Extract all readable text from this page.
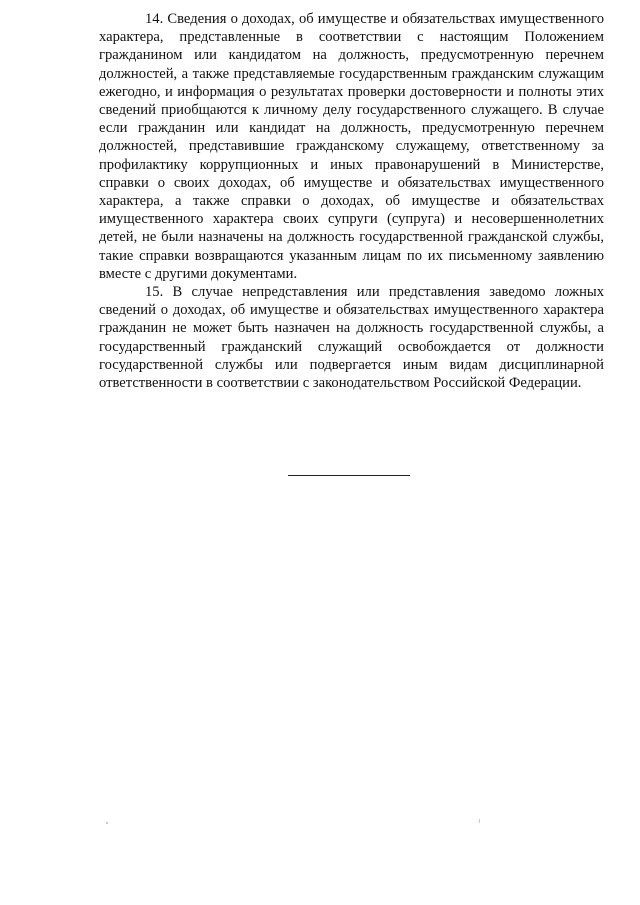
14. Сведения о доходах, об имуществе и обязательствах имущественного характера, представленные в соответствии с настоящим Положением гражданином или кандидатом на должность, предусмотренную перечнем должностей, а также представляемые государственным гражданским служащим ежегодно, и информация о результатах проверки достоверности и полноты этих сведений приобщаются к личному делу государственного служащего. В случае если гражданин или кандидат на должность, предусмотренную перечнем должностей, представившие гражданскому служащему, ответственному за профилактику коррупционных и иных правонарушений в Министерстве, справки о своих доходах, об имуществе и обязательствах имущественного характера, а также справки о доходах, об имуществе и обязательствах имущественного характера своих супруги (супруга) и несовершеннолетних детей, не были назначены на должность государственной гражданской службы, такие справки возвращаются указанным лицам по их письменному заявлению вместе с другими документами.

15. В случае непредставления или представления заведомо ложных сведений о доходах, об имуществе и обязательствах имущественного характера гражданин не может быть назначен на должность государственной службы, а государственный гражданский служащий освобождается от должности государственной службы или подвергается иным видам дисциплинарной ответственности в соответствии с законодательством Российской Федерации.
